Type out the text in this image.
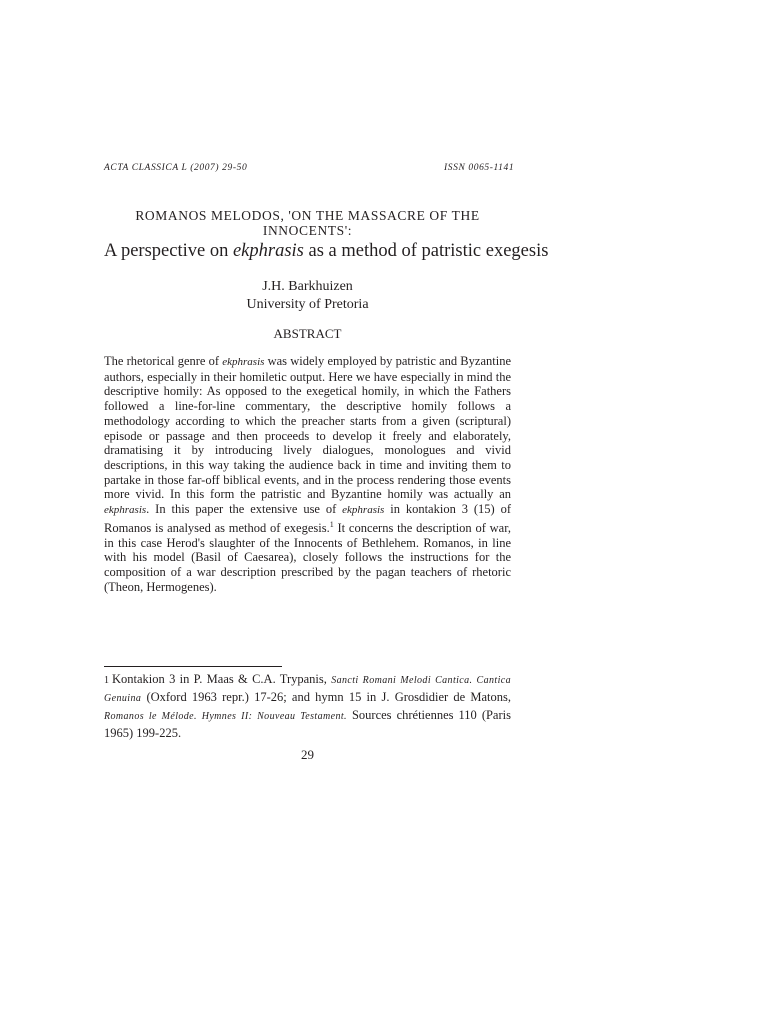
ACTA CLASSICA L (2007) 29-50	ISSN 0065-1141
ROMANOS MELODOS, 'ON THE MASSACRE OF THE INNOCENTS':
A perspective on ekphrasis as a method of patristic exegesis
J.H. Barkhuizen
University of Pretoria
ABSTRACT
The rhetorical genre of ekphrasis was widely employed by patristic and Byzantine authors, especially in their homiletic output. Here we have especially in mind the descriptive homily: As opposed to the exegetical homily, in which the Fathers followed a line-for-line commentary, the descriptive homily follows a methodology according to which the preacher starts from a given (scriptural) episode or passage and then proceeds to develop it freely and elaborately, dramatising it by introducing lively dialogues, monologues and vivid descriptions, in this way taking the audience back in time and inviting them to partake in those far-off biblical events, and in the process rendering those events more vivid. In this form the patristic and Byzantine homily was actually an ekphrasis. In this paper the extensive use of ekphrasis in kontakion 3 (15) of Romanos is analysed as method of exegesis.$^1$ It concerns the description of war, in this case Herod's slaughter of the Innocents of Bethlehem. Romanos, in line with his model (Basil of Caesarea), closely follows the instructions for the composition of a war description prescribed by the pagan teachers of rhetoric (Theon, Hermogenes).
1 Kontakion 3 in P. Maas & C.A. Trypanis, Sancti Romani Melodi Cantica. Cantica Genuina (Oxford 1963 repr.) 17-26; and hymn 15 in J. Grosdidier de Matons, Romanos le Mélode. Hymnes II: Nouveau Testament. Sources chrétiennes 110 (Paris 1965) 199-225.
29
